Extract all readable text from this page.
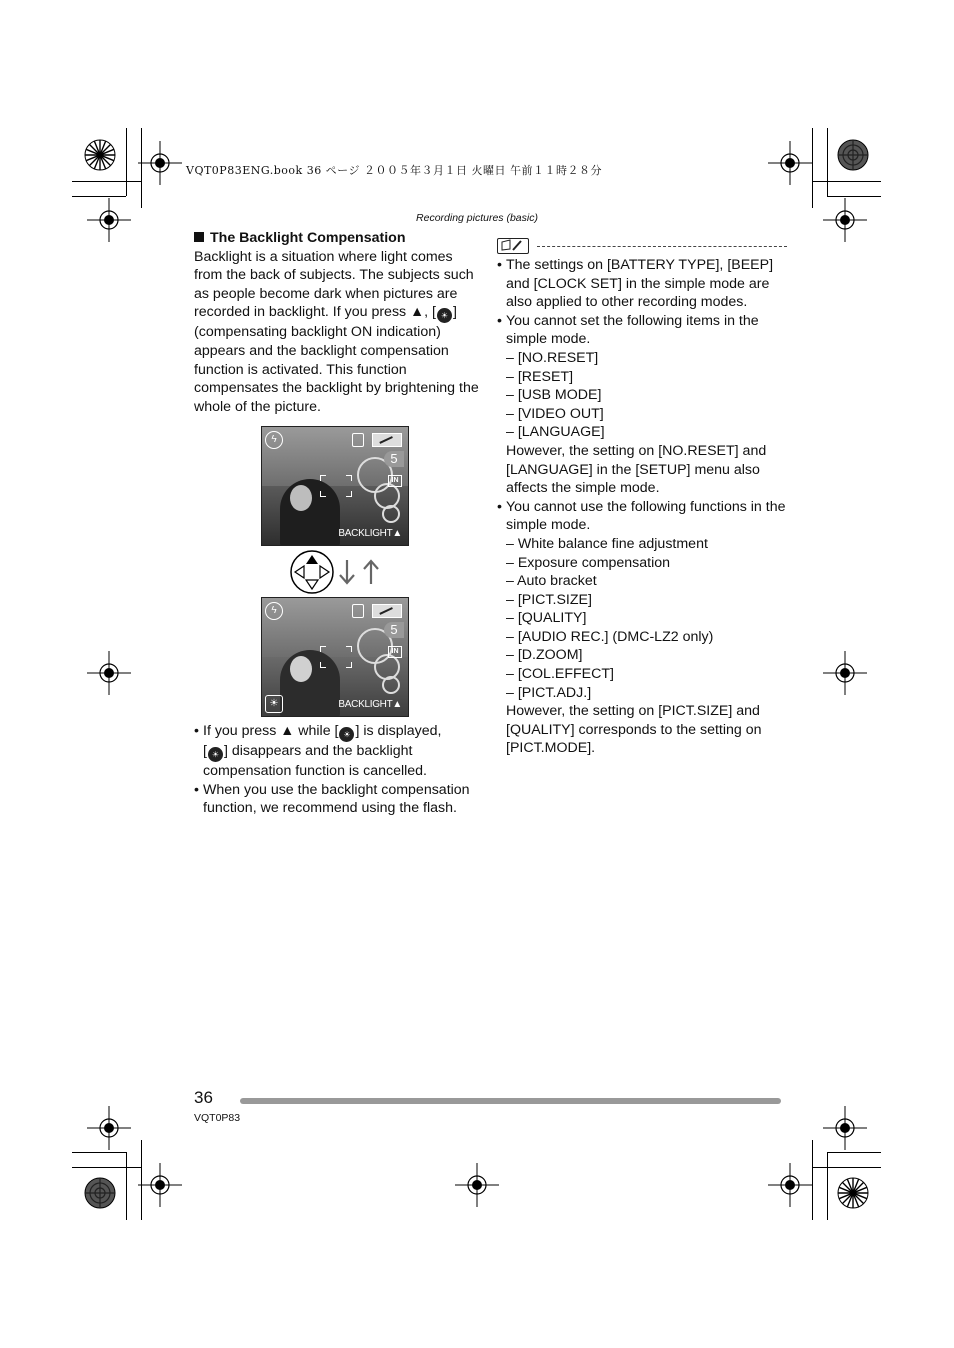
VQT0P83ENG.book 36 ページ ２００５年３月１日 火曜日 午前１１時２８分
Recording pictures (basic)
The Backlight Compensation
Backlight is a situation where light comes from the back of subjects. The subjects such as people become dark when pictures are recorded in backlight. If you press ▲, [ ☀ ] (compensating backlight ON indication) appears and the backlight compensation function is activated. This function compensates the backlight by brightening the whole of the picture.
ϟ
5
IN
BACKLIGHT▲
ϟ
5
IN
☀	BACKLIGHT▲
• If you press ▲ while [ ☀ ] is displayed,
[ ☀ ] disappears and the backlight compensation function is cancelled.
• When you use the backlight compensation function, we recommend using the flash.
• The settings on [BATTERY TYPE], [BEEP] and [CLOCK SET] in the simple mode are also applied to other recording modes.
• You cannot set the following items in the simple mode.
– [NO.RESET]
– [RESET]
– [USB MODE]
– [VIDEO OUT]
– [LANGUAGE]
However, the setting on [NO.RESET] and [LANGUAGE] in the [SETUP] menu also affects the simple mode.
• You cannot use the following functions in the simple mode.
– White balance fine adjustment
– Exposure compensation
– Auto bracket
– [PICT.SIZE]
– [QUALITY]
– [AUDIO REC.] (DMC-LZ2 only)
– [D.ZOOM]
– [COL.EFFECT]
– [PICT.ADJ.]
However, the setting on [PICT.SIZE] and [QUALITY] corresponds to the setting on [PICT.MODE].
36
VQT0P83
